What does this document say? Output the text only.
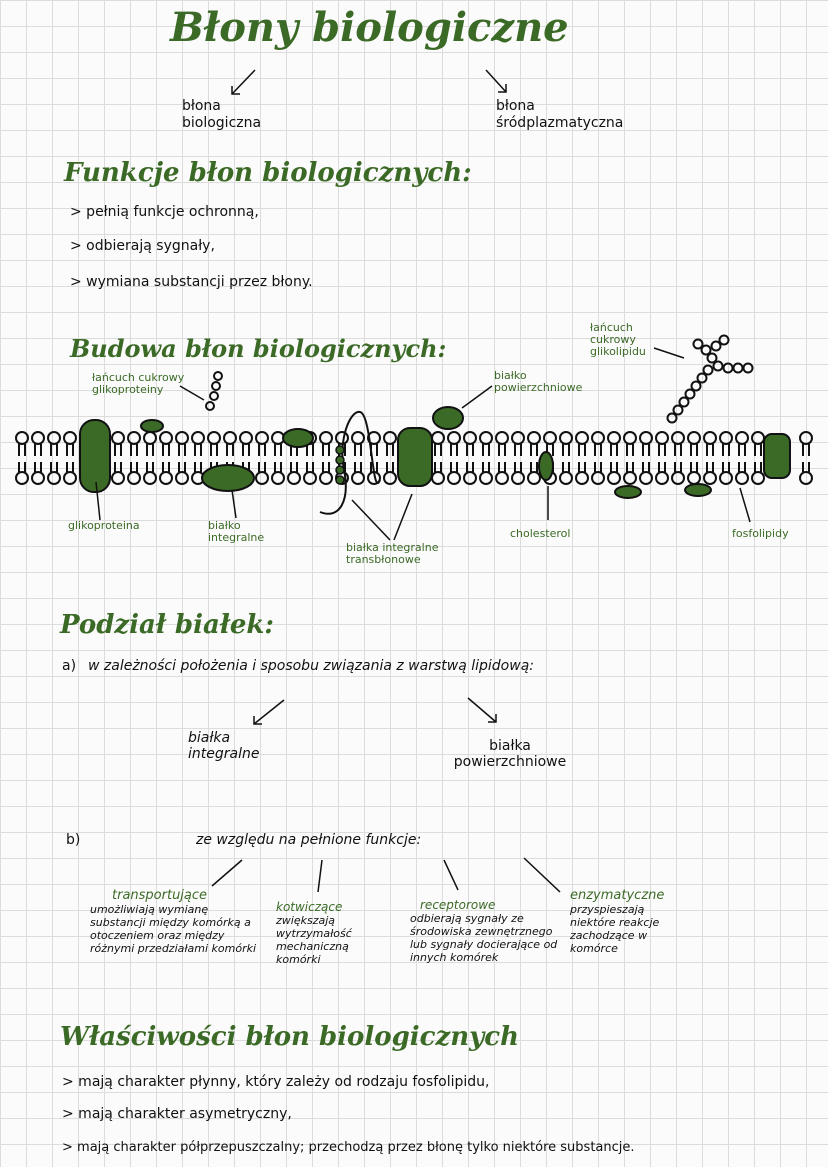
Błony biologiczne
błona biologiczna
błona śródplazmatyczna
Funkcje błon biologicznych:
> pełnią funkcje ochronną,
> odbierają sygnały,
> wymiana substancji przez błony.
Budowa błon biologicznych:
łańcuch cukrowy glikolipidu
łańcuch cukrowy glikoproteiny
białko powierzchniowe
glikoproteina	białko integralne
białka integralne transbłonowe
cholesterol	fosfolipidy
Podział białek:
a) w zależności położenia i sposobu związania z warstwą lipidową:
białka integralne	białka powierzchniowe
b)	ze względu na pełnione funkcje:
transportujące
umożliwiają wymianę substancji między komórką a otoczeniem oraz między różnymi przedziałami komórki
kotwiczące
zwiększają wytrzymałość mechaniczną komórki
receptorowe
odbierają sygnały ze środowiska zewnętrznego lub sygnały docierające od innych komórek
enzymatyczne
przyspieszają niektóre reakcje zachodzące w komórce
Właściwości błon biologicznych
> mają charakter płynny, który zależy od rodzaju fosfolipidu,
> mają charakter asymetryczny,
> mają charakter półprzepuszczalny; przechodzą przez błonę tylko niektóre substancje.
